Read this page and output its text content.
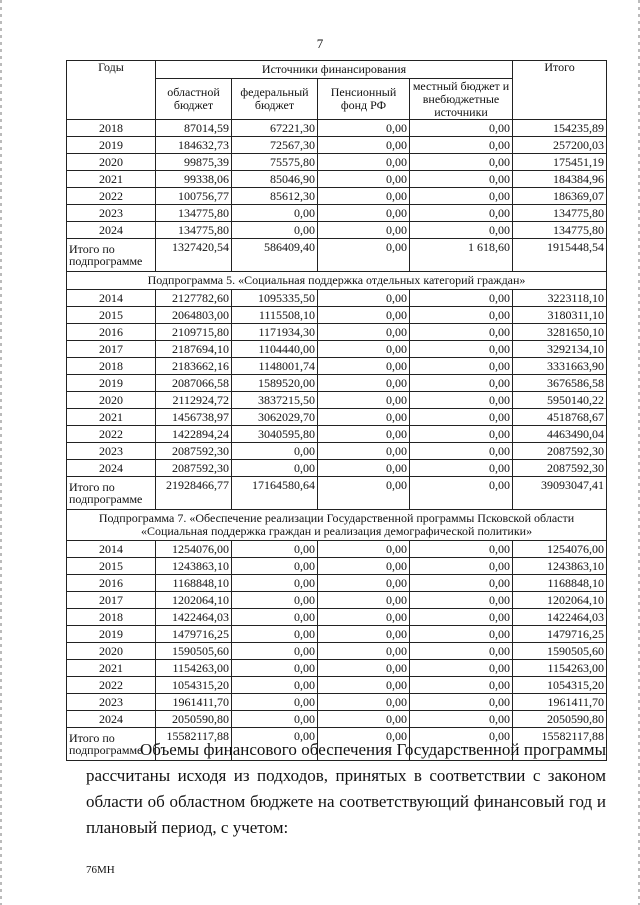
7
Годы	Источники финансирования				Итого
	областной бюджет	федеральный бюджет	Пенсионный фонд РФ	местный бюджет и внебюджетные источники	
2018	87014,59	67221,30	0,00	0,00	154235,89
2019	184632,73	72567,30	0,00	0,00	257200,03
2020	99875,39	75575,80	0,00	0,00	175451,19
2021	99338,06	85046,90	0,00	0,00	184384,96
2022	100756,77	85612,30	0,00	0,00	186369,07
2023	134775,80	0,00	0,00	0,00	134775,80
2024	134775,80	0,00	0,00	0,00	134775,80
Итого по подпрограмме	1327420,54	586409,40	0,00	1 618,60	1915448,54
Подпрограмма 5. «Социальная поддержка отдельных категорий граждан»					
2014	2127782,60	1095335,50	0,00	0,00	3223118,10
2015	2064803,00	1115508,10	0,00	0,00	3180311,10
2016	2109715,80	1171934,30	0,00	0,00	3281650,10
2017	2187694,10	1104440,00	0,00	0,00	3292134,10
2018	2183662,16	1148001,74	0,00	0,00	3331663,90
2019	2087066,58	1589520,00	0,00	0,00	3676586,58
2020	2112924,72	3837215,50	0,00	0,00	5950140,22
2021	1456738,97	3062029,70	0,00	0,00	4518768,67
2022	1422894,24	3040595,80	0,00	0,00	4463490,04
2023	2087592,30	0,00	0,00	0,00	2087592,30
2024	2087592,30	0,00	0,00	0,00	2087592,30
Итого по подпрограмме	21928466,77	17164580,64	0,00	0,00	39093047,41
Подпрограмма 7. «Обеспечение реализации Государственной программы Псковской области «Социальная поддержка граждан и реализация демографической политики»					
2014	1254076,00	0,00	0,00	0,00	1254076,00
2015	1243863,10	0,00	0,00	0,00	1243863,10
2016	1168848,10	0,00	0,00	0,00	1168848,10
2017	1202064,10	0,00	0,00	0,00	1202064,10
2018	1422464,03	0,00	0,00	0,00	1422464,03
2019	1479716,25	0,00	0,00	0,00	1479716,25
2020	1590505,60	0,00	0,00	0,00	1590505,60
2021	1154263,00	0,00	0,00	0,00	1154263,00
2022	1054315,20	0,00	0,00	0,00	1054315,20
2023	1961411,70	0,00	0,00	0,00	1961411,70
2024	2050590,80	0,00	0,00	0,00	2050590,80
Итого по подпрограмме	15582117,88	0,00	0,00	0,00	15582117,88
Объемы финансового обеспечения Государственной программы рассчитаны исходя из подходов, принятых в соответствии с законом области об областном бюджете на соответствующий финансовый год и плановый период, с учетом:
76МН
